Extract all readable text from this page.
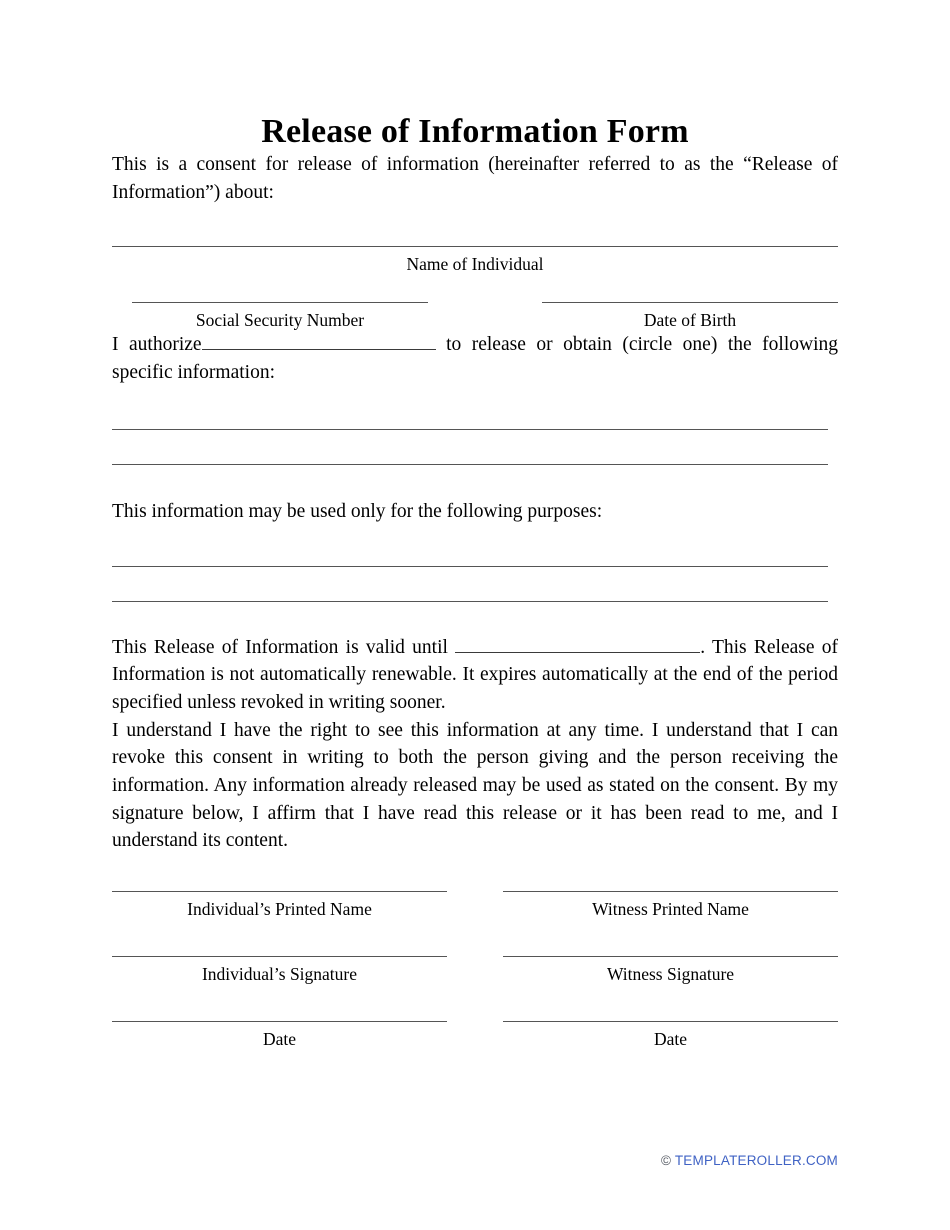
Release of Information Form

This is a consent for release of information (hereinafter referred to as the “Release of Information”) about:

Name of Individual
Social Security Number	Date of Birth

I authorize	to release or obtain (circle one) the following specific information:

This information may be used only for the following purposes:

This Release of Information is valid until	. This Release of Information is not automatically renewable. It expires automatically at the end of the period specified unless revoked in writing sooner.

I understand I have the right to see this information at any time. I understand that I can revoke this consent in writing to both the person giving and the person receiving the information. Any information already released may be used as stated on the consent. By my signature below, I affirm that I have read this release or it has been read to me, and I understand its content.

Individual’s Printed Name	Witness Printed Name
Individual’s Signature	Witness Signature
Date	Date
© TEMPLATEROLLER.COM
